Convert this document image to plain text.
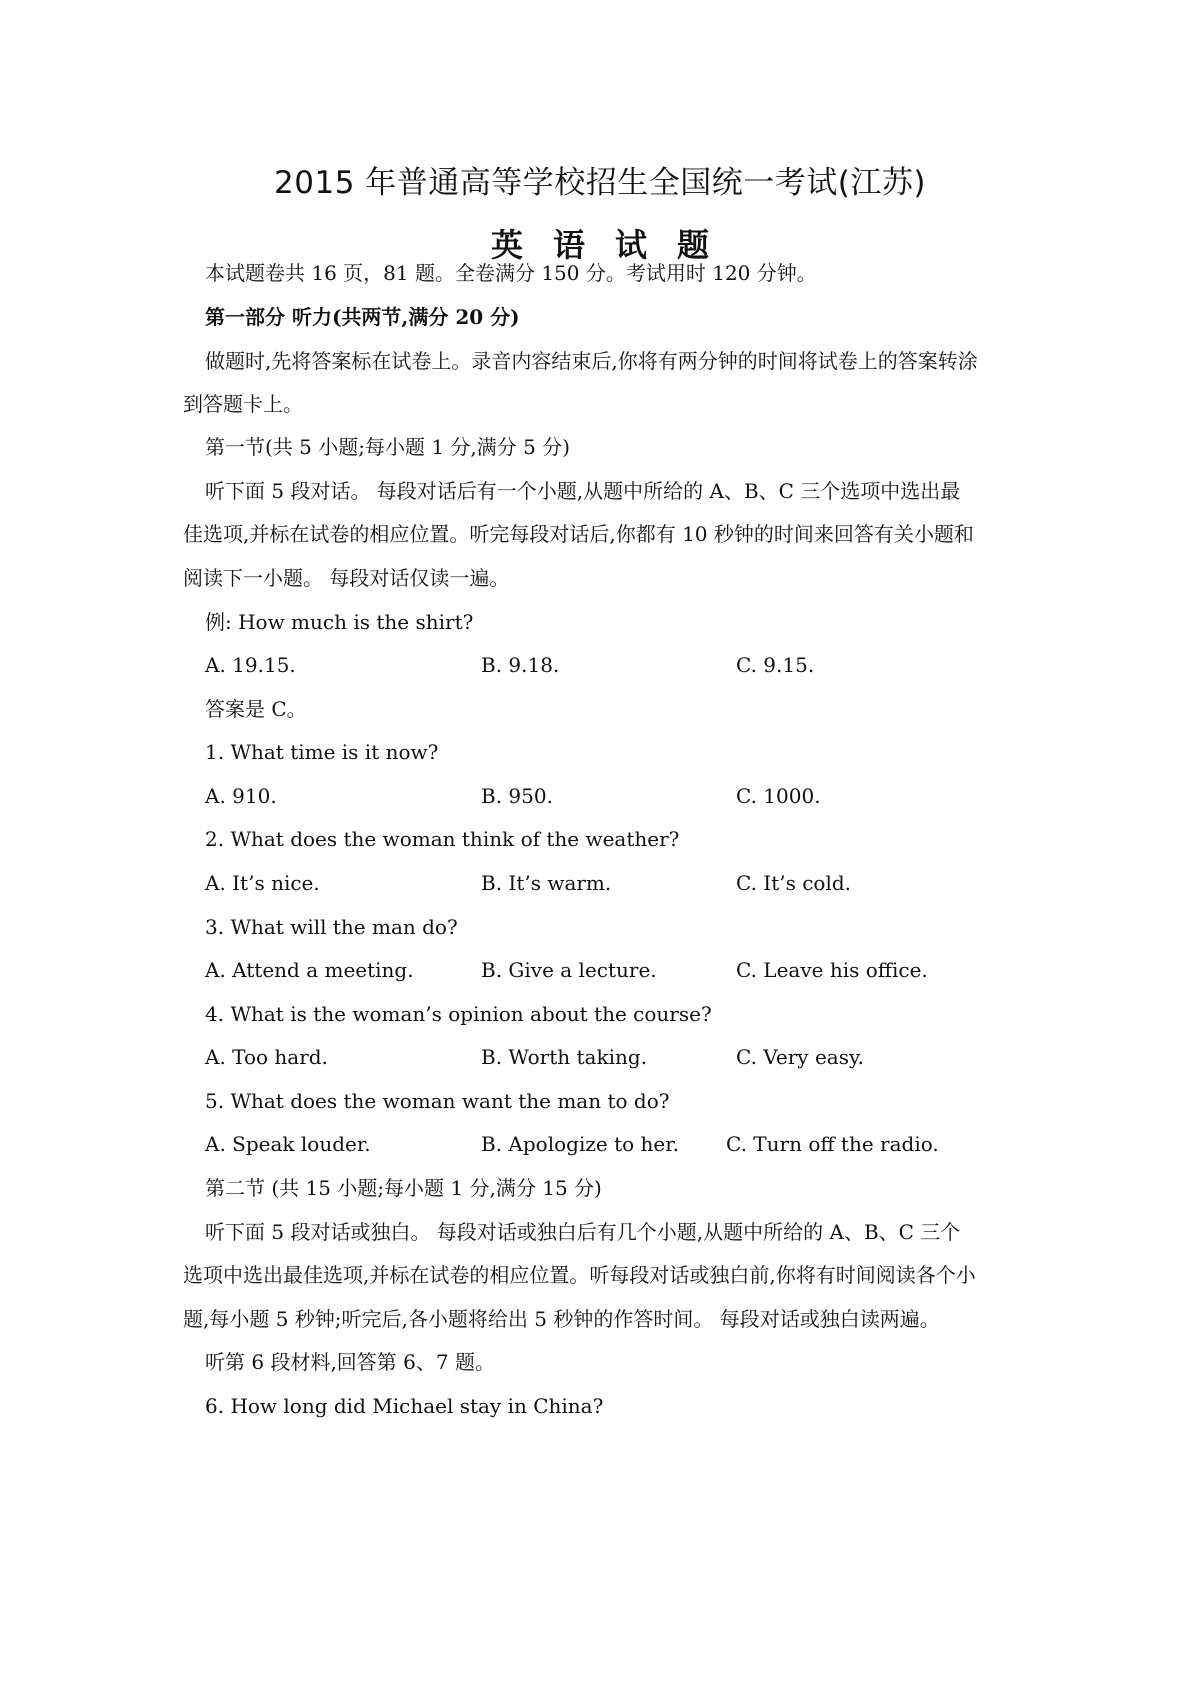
2015 年普通高等学校招生全国统一考试(江苏)
英语试题

本试题卷共 16 页，81 题。全卷满分 150 分。考试用时 120 分钟。

第一部分 听力(共两节,满分 20 分)

做题时,先将答案标在试卷上。录音内容结束后,你将有两分钟的时间将试卷上的答案转涂

到答题卡上。

第一节(共 5 小题;每小题 1 分,满分 5 分)

听下面 5 段对话。 每段对话后有一个小题,从题中所给的 A、B、C 三个选项中选出最

佳选项,并标在试卷的相应位置。听完每段对话后,你都有 10 秒钟的时间来回答有关小题和

阅读下一小题。 每段对话仅读一遍。

例: How much is the shirt?

A. 19.15.	B. 9.18.	C. 9.15.

答案是 C。

1. What time is it now?

A. 910.	B. 950.	C. 1000.

2. What does the woman think of the weather?

A. It’s nice.	B. It’s warm.	C. It’s cold.

3. What will the man do?

A. Attend a meeting.	B. Give a lecture.	C. Leave his office.

4. What is the woman’s opinion about the course?

A. Too hard.	B. Worth taking.	C. Very easy.

5. What does the woman want the man to do?

A. Speak louder.	B. Apologize to her. C. Turn off the radio.

第二节 (共 15 小题;每小题 1 分,满分 15 分)

听下面 5 段对话或独白。 每段对话或独白后有几个小题,从题中所给的 A、B、C 三个

选项中选出最佳选项,并标在试卷的相应位置。听每段对话或独白前,你将有时间阅读各个小

题,每小题 5 秒钟;听完后,各小题将给出 5 秒钟的作答时间。 每段对话或独白读两遍。

听第 6 段材料,回答第 6、7 题。

6. How long did Michael stay in China?
